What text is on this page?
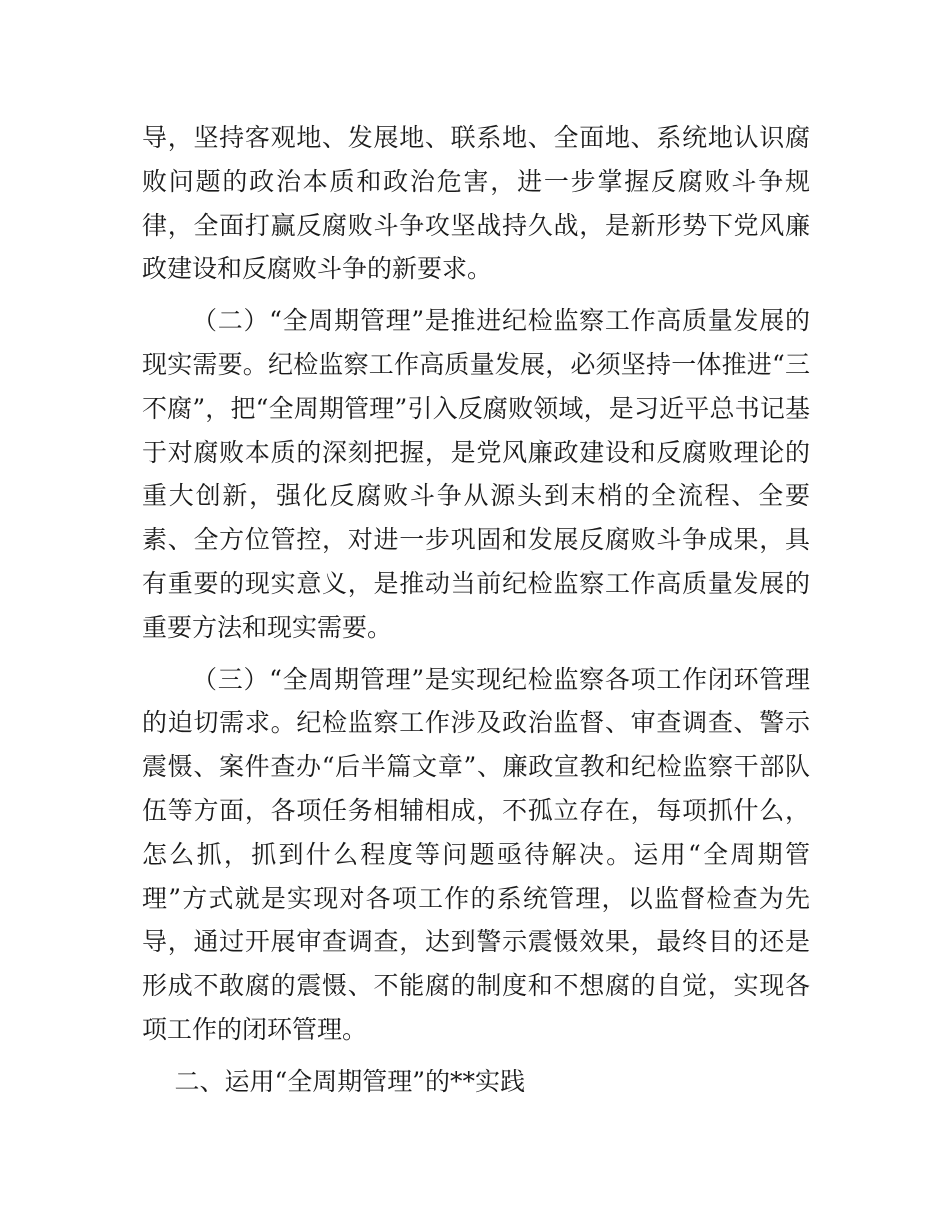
导，坚持客观地、发展地、联系地、全面地、系统地认识腐败问题的政治本质和政治危害，进一步掌握反腐败斗争规律，全面打赢反腐败斗争攻坚战持久战，是新形势下党风廉政建设和反腐败斗争的新要求。

（二）“全周期管理”是推进纪检监察工作高质量发展的现实需要。纪检监察工作高质量发展，必须坚持一体推进“三不腐”，把“全周期管理”引入反腐败领域，是习近平总书记基于对腐败本质的深刻把握，是党风廉政建设和反腐败理论的重大创新，强化反腐败斗争从源头到末梢的全流程、全要素、全方位管控，对进一步巩固和发展反腐败斗争成果，具有重要的现实意义，是推动当前纪检监察工作高质量发展的重要方法和现实需要。

（三）“全周期管理”是实现纪检监察各项工作闭环管理的迫切需求。纪检监察工作涉及政治监督、审查调查、警示震慑、案件查办“后半篇文章”、廉政宣教和纪检监察干部队伍等方面，各项任务相辅相成，不孤立存在，每项抓什么，怎么抓，抓到什么程度等问题亟待解决。运用“全周期管理”方式就是实现对各项工作的系统管理，以监督检查为先导，通过开展审查调查，达到警示震慑效果，最终目的还是形成不敢腐的震慑、不能腐的制度和不想腐的自觉，实现各项工作的闭环管理。

二、运用“全周期管理”的**实践
